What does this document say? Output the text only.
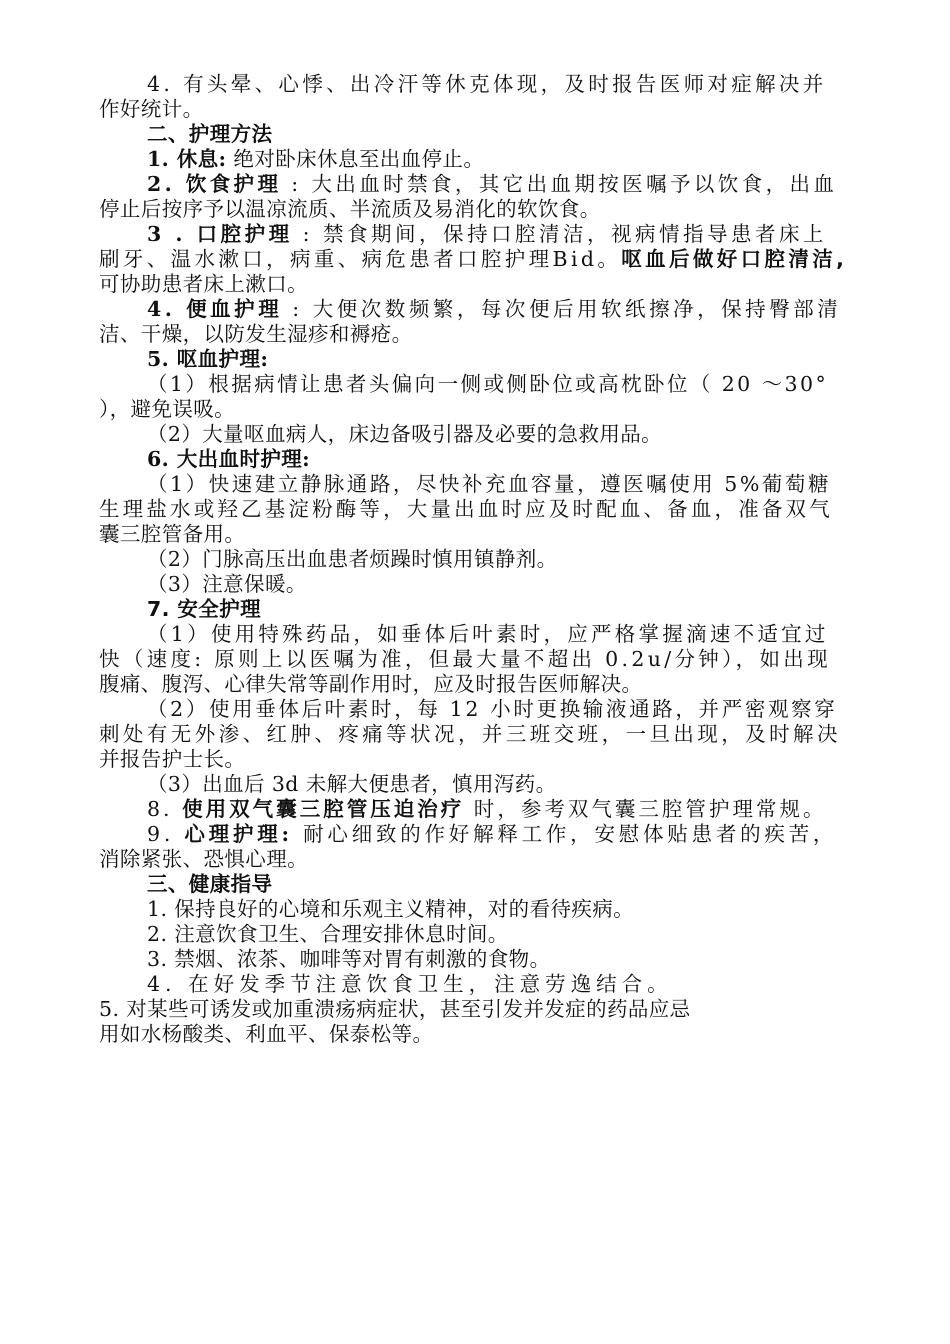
4. 有头晕、心悸、出冷汗等休克体现，及时报告医师对症解决并
作好统计。
二、护理方法
1. 休息: 绝对卧床休息至出血停止。
2. 饮食护理 : 大出血时禁食，其它出血期按医嘱予以饮食，出血
停止后按序予以温凉流质、半流质及易消化的软饮食。
3 . 口腔护理 : 禁食期间，保持口腔清洁，视病情指导患者床上
刷牙、温水漱口，病重、病危患者口腔护理Bid。呕血后做好口腔清洁,
可协助患者床上漱口。
4. 便血护理 : 大便次数频繁，每次便后用软纸擦净，保持臀部清
洁、干燥，以防发生湿疹和褥疮。
5. 呕血护理:
（1）根据病情让患者头偏向一侧或侧卧位或高枕卧位（ 20 ～30°
），避免误吸。
（2）大量呕血病人，床边备吸引器及必要的急救用品。
6. 大出血时护理:
（1）快速建立静脉通路，尽快补充血容量，遵医嘱使用 5%葡萄糖
生理盐水或羟乙基淀粉酶等，大量出血时应及时配血、备血，准备双气
囊三腔管备用。
（2）门脉高压出血患者烦躁时慎用镇静剂。
（3）注意保暖。
7. 安全护理
（1）使用特殊药品，如垂体后叶素时，应严格掌握滴速不适宜过
快（速度: 原则上以医嘱为准，但最大量不超出 0.2u/分钟），如出现
腹痛、腹泻、心律失常等副作用时，应及时报告医师解决。
（2）使用垂体后叶素时，每 12 小时更换输液通路，并严密观察穿
刺处有无外渗、红肿、疼痛等状况，并三班交班，一旦出现，及时解决
并报告护士长。
（3）出血后 3d 未解大便患者，慎用泻药。
8. 使用双气囊三腔管压迫治疗 时，参考双气囊三腔管护理常规。
9. 心理护理: 耐心细致的作好解释工作，安慰体贴患者的疾苦，
消除紧张、恐惧心理。
三、健康指导
1. 保持良好的心境和乐观主义精神，对的看待疾病。
2. 注意饮食卫生、合理安排休息时间。
3. 禁烟、浓茶、咖啡等对胃有刺激的食物。
4. 在好发季节注意饮食卫生，注意劳逸结合。
5. 对某些可诱发或加重溃疡病症状，甚至引发并发症的药品应忌
用如水杨酸类、利血平、保泰松等。
